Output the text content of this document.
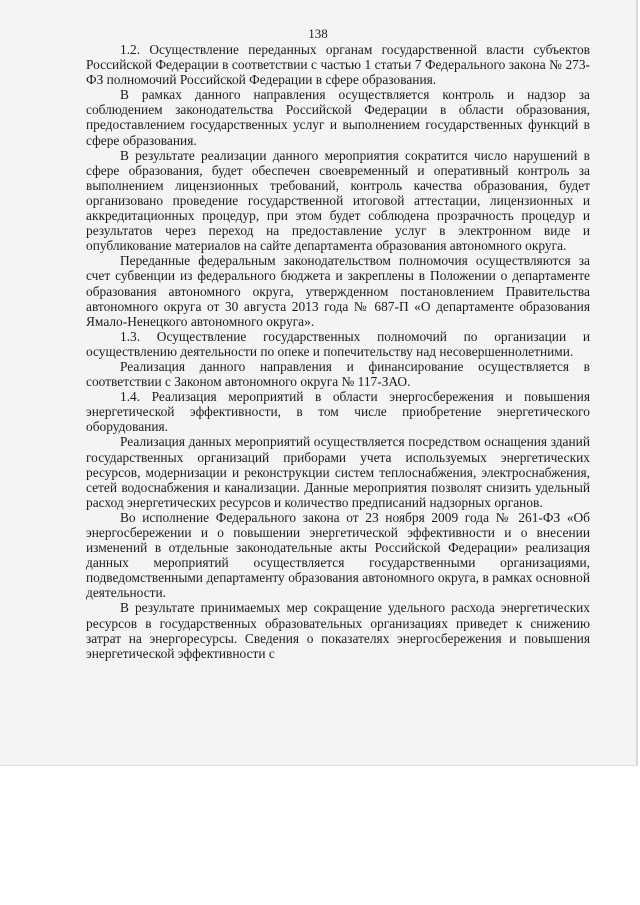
138

1.2. Осуществление переданных органам государственной власти субъектов Российской Федерации в соответствии с частью 1 статьи 7 Федерального закона № 273-ФЗ полномочий Российской Федерации в сфере образования.

В рамках данного направления осуществляется контроль и надзор за соблюдением законодательства Российской Федерации в области образования, предоставлением государственных услуг и выполнением государственных функций в сфере образования.

В результате реализации данного мероприятия сократится число нарушений в сфере образования, будет обеспечен своевременный и оперативный контроль за выполнением лицензионных требований, контроль качества образования, будет организовано проведение государственной итоговой аттестации, лицензионных и аккредитационных процедур, при этом будет соблюдена прозрачность процедур и результатов через переход на предоставление услуг в электронном виде и опубликование материалов на сайте департамента образования автономного округа.

Переданные федеральным законодательством полномочия осуществляются за счет субвенции из федерального бюджета и закреплены в Положении о департаменте образования автономного округа, утвержденном постановлением Правительства автономного округа от 30 августа 2013 года № 687-П «О департаменте образования Ямало-Ненецкого автономного округа».

1.3. Осуществление государственных полномочий по организации и осуществлению деятельности по опеке и попечительству над несовершеннолетними.

Реализация данного направления и финансирование осуществляется в соответствии с Законом автономного округа № 117-ЗАО.

1.4. Реализация мероприятий в области энергосбережения и повышения энергетической эффективности, в том числе приобретение энергетического оборудования.

Реализация данных мероприятий осуществляется посредством оснащения зданий государственных организаций приборами учета используемых энергетических ресурсов, модернизации и реконструкции систем теплоснабжения, электроснабжения, сетей водоснабжения и канализации. Данные мероприятия позволят снизить удельный расход энергетических ресурсов и количество предписаний надзорных органов.

Во исполнение Федерального закона от 23 ноября 2009 года № 261-ФЗ «Об энергосбережении и о повышении энергетической эффективности и о внесении изменений в отдельные законодательные акты Российской Федерации» реализация данных мероприятий осуществляется государственными организациями, подведомственными департаменту образования автономного округа, в рамках основной деятельности.

В результате принимаемых мер сокращение удельного расхода энергетических ресурсов в государственных образовательных организациях приведет к снижению затрат на энергоресурсы. Сведения о показателях энергосбережения и повышения энергетической эффективности с
